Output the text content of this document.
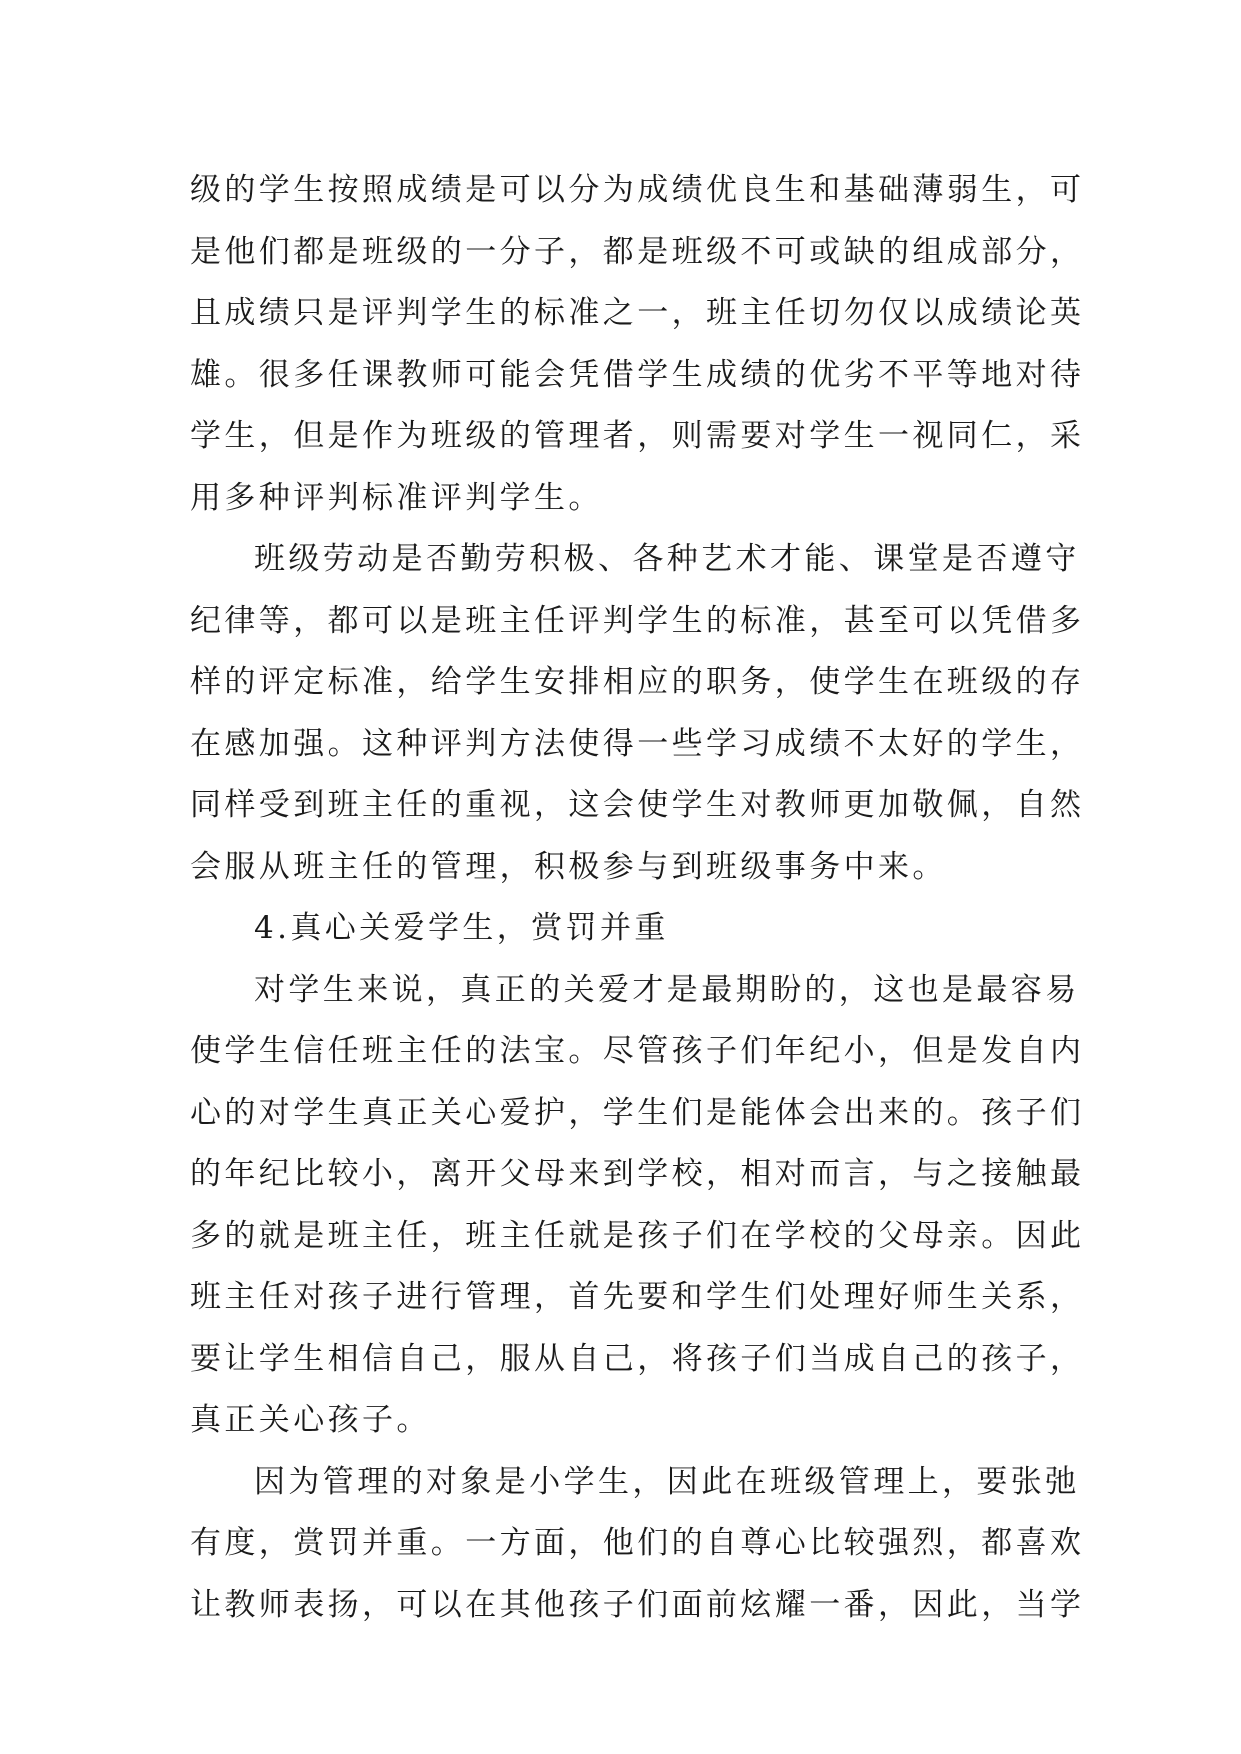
级的学生按照成绩是可以分为成绩优良生和基础薄弱生，可
是他们都是班级的一分子，都是班级不可或缺的组成部分，
且成绩只是评判学生的标准之一，班主任切勿仅以成绩论英
雄。很多任课教师可能会凭借学生成绩的优劣不平等地对待
学生，但是作为班级的管理者，则需要对学生一视同仁，采
用多种评判标准评判学生。
班级劳动是否勤劳积极、各种艺术才能、课堂是否遵守
纪律等，都可以是班主任评判学生的标准，甚至可以凭借多
样的评定标准，给学生安排相应的职务，使学生在班级的存
在感加强。这种评判方法使得一些学习成绩不太好的学生，
同样受到班主任的重视，这会使学生对教师更加敬佩，自然
会服从班主任的管理，积极参与到班级事务中来。
4.真心关爱学生，赏罚并重
对学生来说，真正的关爱才是最期盼的，这也是最容易
使学生信任班主任的法宝。尽管孩子们年纪小，但是发自内
心的对学生真正关心爱护，学生们是能体会出来的。孩子们
的年纪比较小，离开父母来到学校，相对而言，与之接触最
多的就是班主任，班主任就是孩子们在学校的父母亲。因此
班主任对孩子进行管理，首先要和学生们处理好师生关系，
要让学生相信自己，服从自己，将孩子们当成自己的孩子，
真正关心孩子。
因为管理的对象是小学生，因此在班级管理上，要张弛
有度，赏罚并重。一方面，他们的自尊心比较强烈，都喜欢
让教师表扬，可以在其他孩子们面前炫耀一番，因此，当学
